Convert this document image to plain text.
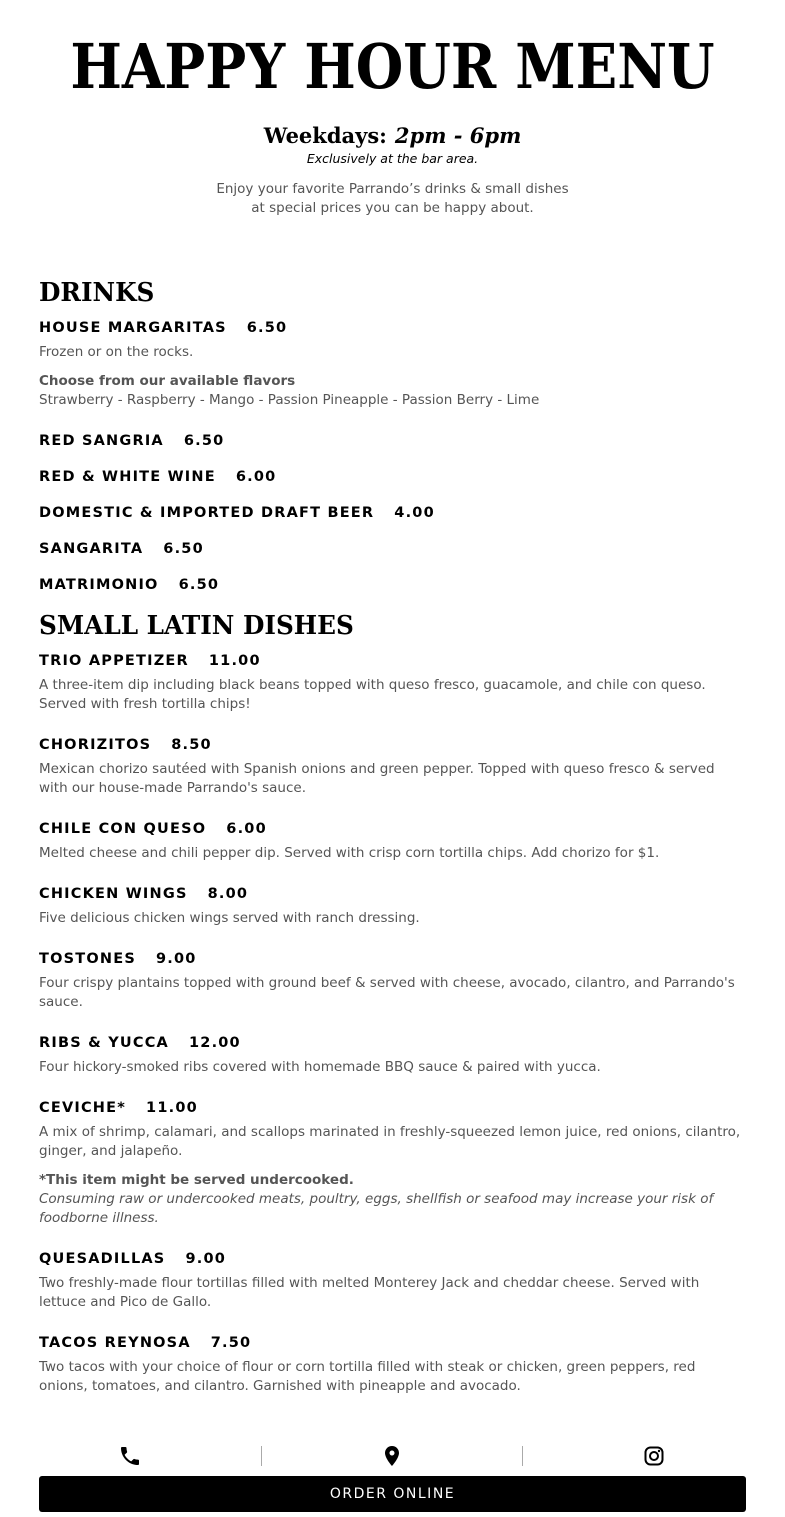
HAPPY HOUR MENU
Weekdays: 2pm - 6pm
Exclusively at the bar area.
Enjoy your favorite Parrando’s drinks & small dishes at special prices you can be happy about.
DRINKS
HOUSE MARGARITAS 6.50
Frozen or on the rocks.
Choose from our available flavors
Strawberry - Raspberry - Mango - Passion Pineapple - Passion Berry - Lime
RED SANGRIA 6.50
RED & WHITE WINE 6.00
DOMESTIC & IMPORTED DRAFT BEER 4.00
SANGARITA 6.50
MATRIMONIO 6.50
SMALL LATIN DISHES
TRIO APPETIZER 11.00
A three-item dip including black beans topped with queso fresco, guacamole, and chile con queso. Served with fresh tortilla chips!
CHORIZITOS 8.50
Mexican chorizo sautéed with Spanish onions and green pepper. Topped with queso fresco & served with our house-made Parrando's sauce.
CHILE CON QUESO 6.00
Melted cheese and chili pepper dip. Served with crisp corn tortilla chips. Add chorizo for $1.
CHICKEN WINGS 8.00
Five delicious chicken wings served with ranch dressing.
TOSTONES 9.00
Four crispy plantains topped with ground beef & served with cheese, avocado, cilantro, and Parrando's sauce.
RIBS & YUCCA 12.00
Four hickory-smoked ribs covered with homemade BBQ sauce & paired with yucca.
CEVICHE* 11.00
A mix of shrimp, calamari, and scallops marinated in freshly-squeezed lemon juice, red onions, cilantro, ginger, and jalapeño.
*This item might be served undercooked.
Consuming raw or undercooked meats, poultry, eggs, shellfish or seafood may increase your risk of foodborne illness.
QUESADILLAS 9.00
Two freshly-made flour tortillas filled with melted Monterey Jack and cheddar cheese. Served with lettuce and Pico de Gallo.
TACOS REYNOSA 7.50
Two tacos with your choice of flour or corn tortilla filled with steak or chicken, green peppers, red onions, tomatoes, and cilantro. Garnished with pineapple and avocado.
ORDER ONLINE
